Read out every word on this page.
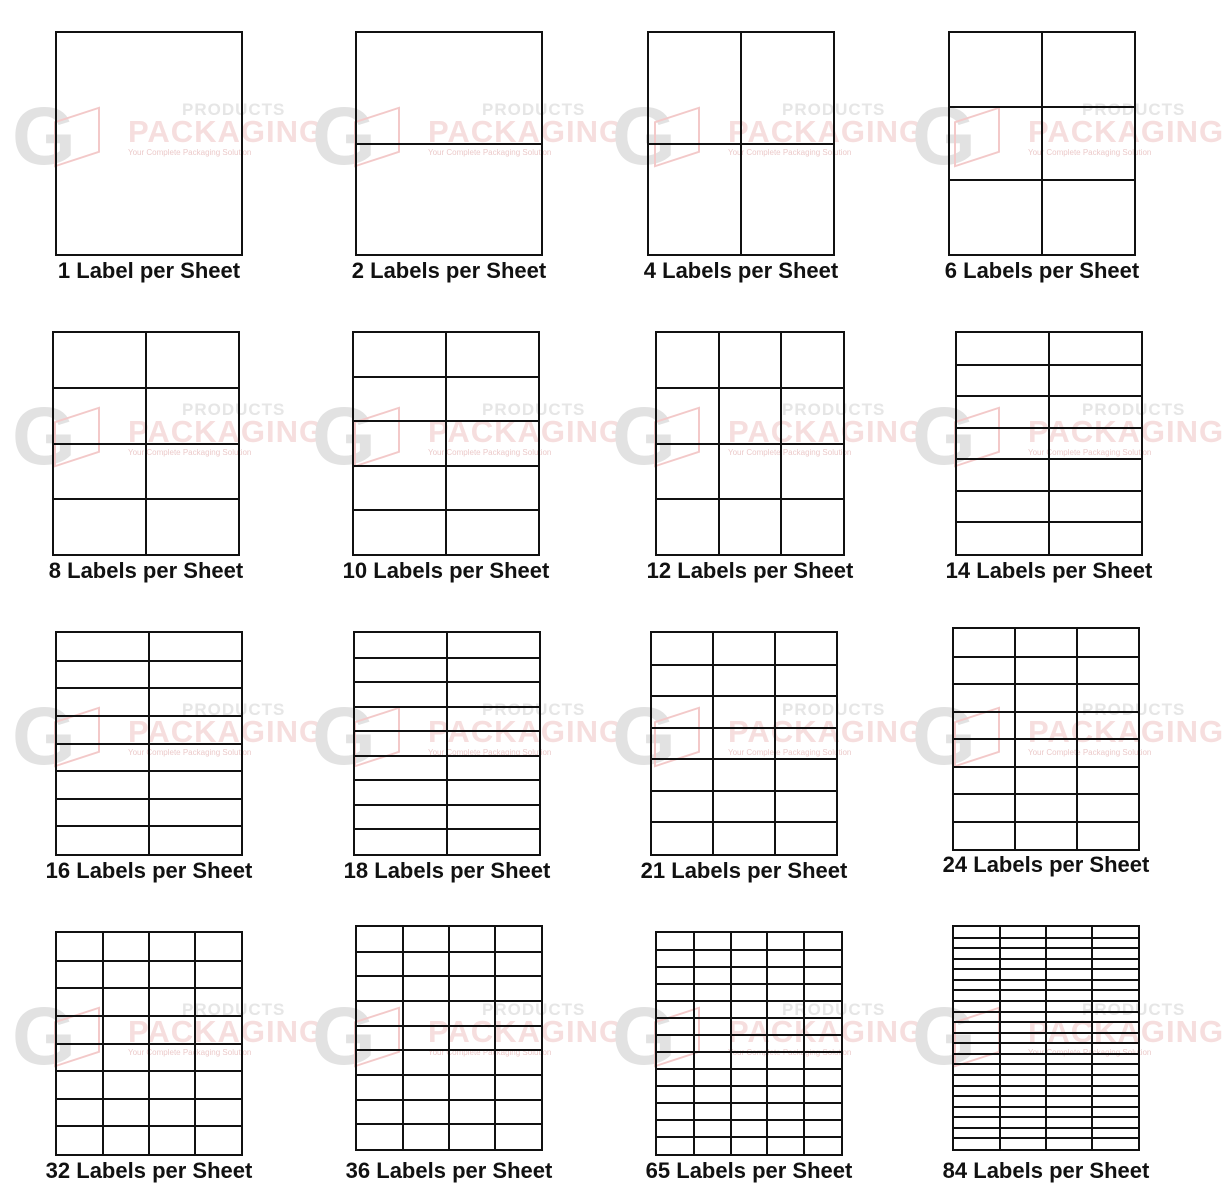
G	PRODUCTS
PACKAGING
Your Complete Packaging Solution
1 Label per Sheet
G	PRODUCTS
PACKAGING
Your Complete Packaging Solution
2 Labels per Sheet
G	PRODUCTS
PACKAGING
Your Complete Packaging Solution
4 Labels per Sheet
G	PRODUCTS
PACKAGING
Your Complete Packaging Solution
6 Labels per Sheet
G	PRODUCTS
PACKAGING
Your Complete Packaging Solution
8 Labels per Sheet
G	PRODUCTS
PACKAGING
Your Complete Packaging Solution
10 Labels per Sheet
G	PRODUCTS
PACKAGING
Your Complete Packaging Solution
12 Labels per Sheet
G	PRODUCTS
PACKAGING
Your Complete Packaging Solution
14 Labels per Sheet
G	PRODUCTS
PACKAGING
Your Complete Packaging Solution
16 Labels per Sheet
G	PRODUCTS
PACKAGING
Your Complete Packaging Solution
18 Labels per Sheet
G	PRODUCTS
PACKAGING
Your Complete Packaging Solution
21 Labels per Sheet
G	PRODUCTS
PACKAGING
Your Complete Packaging Solution
24 Labels per Sheet
G	PRODUCTS
PACKAGING
Your Complete Packaging Solution
32 Labels per Sheet
G	PRODUCTS
PACKAGING
Your Complete Packaging Solution
36 Labels per Sheet
G	PRODUCTS
PACKAGING
Your Complete Packaging Solution
65 Labels per Sheet
G	PRODUCTS
PACKAGING
Your Complete Packaging Solution
84 Labels per Sheet
